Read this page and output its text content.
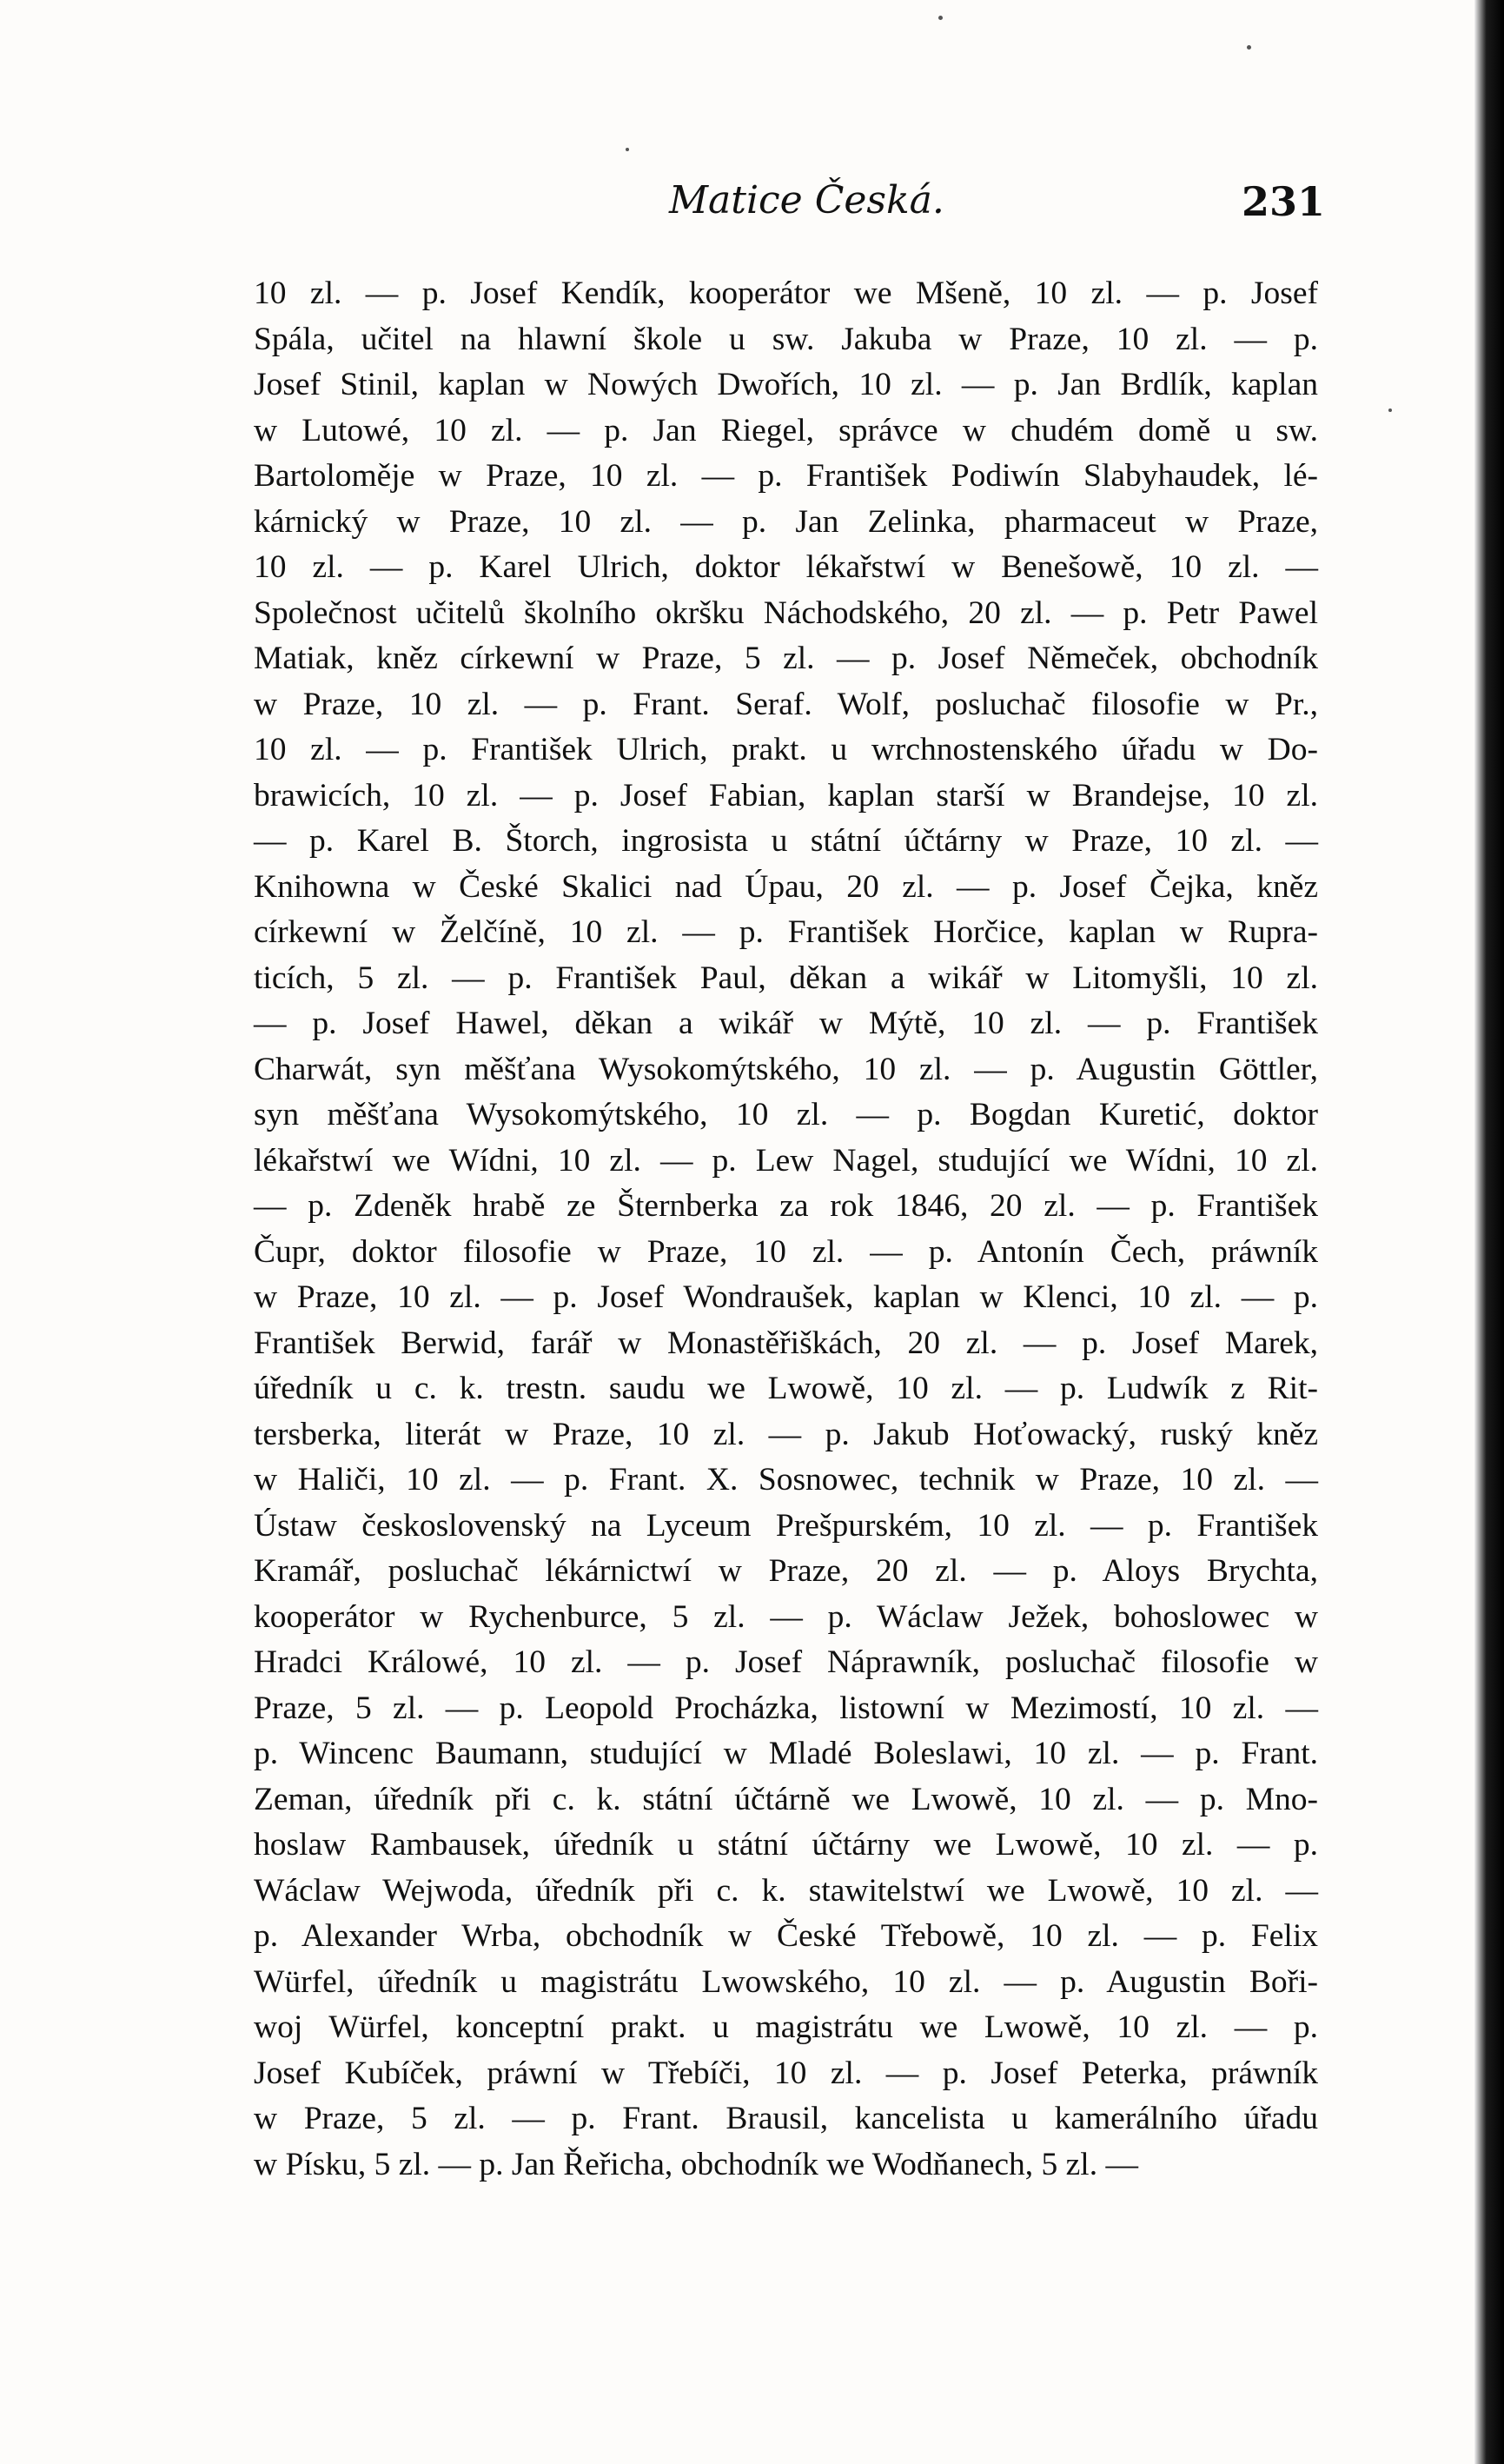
Matice Česká.	231
10 zl. — p. Josef Kendík, kooperátor we Mšeně, 10 zl. — p. Josef
Spála, učitel na hlawní škole u sw. Jakuba w Praze, 10 zl. — p.
Josef Stinil, kaplan w Nowých Dwořích, 10 zl. — p. Jan Brdlík, kaplan
w Lutowé, 10 zl. — p. Jan Riegel, správce w chudém domě u sw.
Bartoloměje w Praze, 10 zl. — p. František Podiwín Slabyhaudek, lé-
kárnický w Praze, 10 zl. — p. Jan Zelinka, pharmaceut w Praze,
10 zl. — p. Karel Ulrich, doktor lékařstwí w Benešowě, 10 zl. —
Společnost učitelů školního okršku Náchodského, 20 zl. — p. Petr Pawel
Matiak, kněz církewní w Praze, 5 zl. — p. Josef Němeček, obchodník
w Praze, 10 zl. — p. Frant. Seraf. Wolf, posluchač filosofie w Pr.,
10 zl. — p. František Ulrich, prakt. u wrchnostenského úřadu w Do-
brawicích, 10 zl. — p. Josef Fabian, kaplan starší w Brandejse, 10 zl.
— p. Karel B. Štorch, ingrosista u státní účtárny w Praze, 10 zl. —
Knihowna w České Skalici nad Úpau, 20 zl. — p. Josef Čejka, kněz
církewní w Želčíně, 10 zl. — p. František Horčice, kaplan w Rupra-
ticích, 5 zl. — p. František Paul, děkan a wikář w Litomyšli, 10 zl.
— p. Josef Hawel, děkan a wikář w Mýtě, 10 zl. — p. František
Charwát, syn měšťana Wysokomýtského, 10 zl. — p. Augustin Göttler,
syn měšťana Wysokomýtského, 10 zl. — p. Bogdan Kuretić, doktor
lékařstwí we Wídni, 10 zl. — p. Lew Nagel, studující we Wídni, 10 zl.
— p. Zdeněk hrabě ze Šternberka za rok 1846, 20 zl. — p. František
Čupr, doktor filosofie w Praze, 10 zl. — p. Antonín Čech, práwník
w Praze, 10 zl. — p. Josef Wondraušek, kaplan w Klenci, 10 zl. — p.
František Berwid, farář w Monastěřiškách, 20 zl. — p. Josef Marek,
úředník u c. k. trestn. saudu we Lwowě, 10 zl. — p. Ludwík z Rit-
tersberka, literát w Praze, 10 zl. — p. Jakub Hoťowacký, ruský kněz
w Haliči, 10 zl. — p. Frant. X. Sosnowec, technik w Praze, 10 zl. —
Ústaw československý na Lyceum Prešpurském, 10 zl. — p. František
Kramář, posluchač lékárnictwí w Praze, 20 zl. — p. Aloys Brychta,
kooperátor w Rychenburce, 5 zl. — p. Wáclaw Ježek, bohoslowec w
Hradci Králowé, 10 zl. — p. Josef Náprawník, posluchač filosofie w
Praze, 5 zl. — p. Leopold Procházka, listowní w Mezimostí, 10 zl. —
p. Wincenc Baumann, studující w Mladé Boleslawi, 10 zl. — p. Frant.
Zeman, úředník při c. k. státní účtárně we Lwowě, 10 zl. — p. Mno-
hoslaw Rambausek, úředník u státní účtárny we Lwowě, 10 zl. — p.
Wáclaw Wejwoda, úředník při c. k. stawitelstwí we Lwowě, 10 zl. —
p. Alexander Wrba, obchodník w České Třebowě, 10 zl. — p. Felix
Würfel, úředník u magistrátu Lwowského, 10 zl. — p. Augustin Boři-
woj Würfel, konceptní prakt. u magistrátu we Lwowě, 10 zl. — p.
Josef Kubíček, práwní w Třebíči, 10 zl. — p. Josef Peterka, práwník
w Praze, 5 zl. — p. Frant. Brausil, kancelista u kamerálního úřadu
w Písku, 5 zl. — p. Jan Řeřicha, obchodník we Wodňanech, 5 zl. —
